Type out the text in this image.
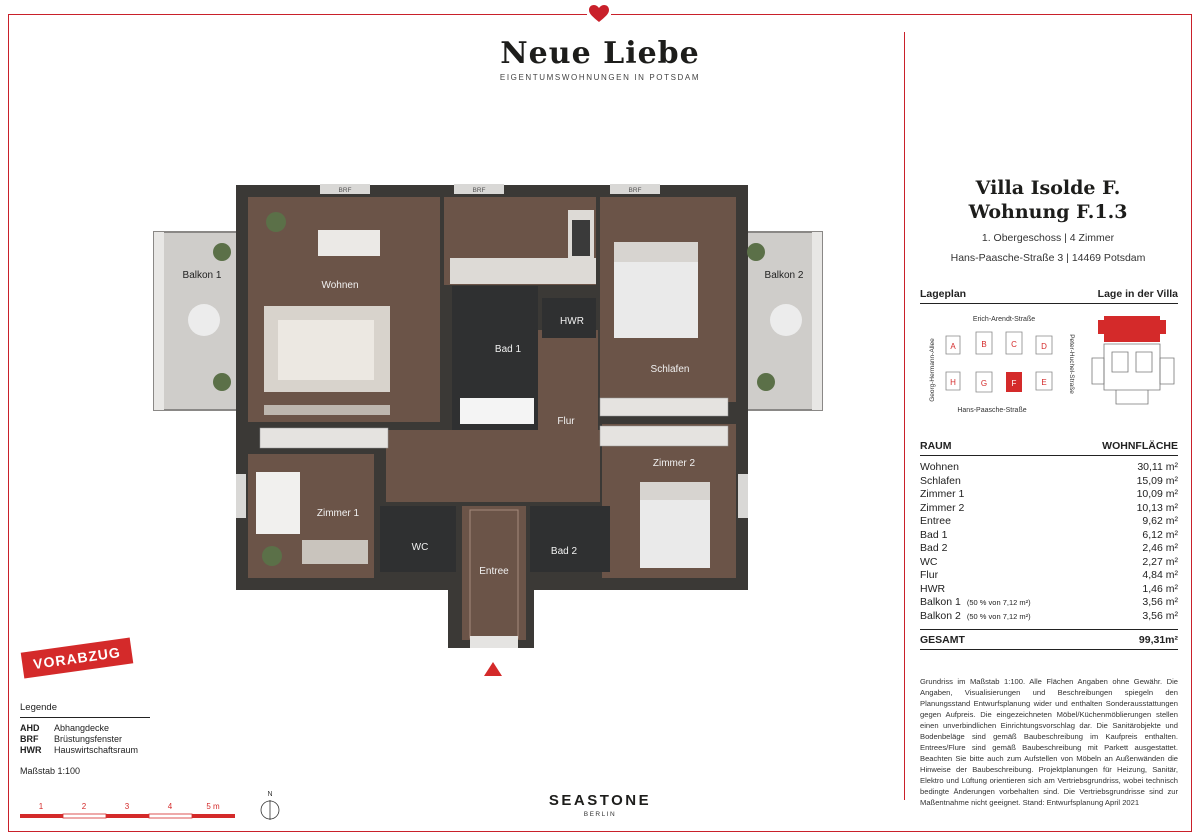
Neue Liebe

EIGENTUMSWOHNUNGEN IN POTSDAM

BRF	BRF	BRF
Wohnen
Schlafen
Zimmer 1
Zimmer 2
Bad 1
Bad 2
WC
HWR
Flur
Entree
Balkon 1	Balkon 2
Villa Isolde F.
Wohnung F.1.3
1. Obergeschoss | 4 Zimmer
Hans-Paasche-Straße 3 | 14469 Potsdam
Lageplan	Lage in der Villa
Erich-Arendt-Straße
Hans-Paasche-Straße
Georg-Hermann-Allee	Peter-Huchel-Straße
A	B	C	D
H	G	F	E
RAUM	WOHNFLÄCHE
Wohnen	30,11 m²
Schlafen	15,09 m²
Zimmer 1	10,09 m²
Zimmer 2	10,13 m²
Entree	9,62 m²
Bad 1	6,12 m²
Bad 2	2,46 m²
WC	2,27 m²
Flur	4,84 m²
HWR	1,46 m²
Balkon 1 (50 % von 7,12 m²)	3,56 m²
Balkon 2 (50 % von 7,12 m²)	3,56 m²
GESAMT	99,31m²
Grundriss im Maßstab 1:100. Alle Flächen Angaben ohne Gewähr. Die Angaben, Visualisierungen und Beschreibungen spiegeln den Planungsstand Entwurfsplanung wider und enthalten Sonderausstattungen gegen Aufpreis. Die eingezeichneten Möbel/Küchenmöblierungen stellen einen unverbindlichen Einrichtungsvorschlag dar. Die Sanitärobjekte und Bodenbeläge sind gemäß Baubeschreibung im Kaufpreis enthalten. Entrees/Flure sind gemäß Baubeschreibung mit Parkett ausgestattet. Beachten Sie bitte auch zum Aufstellen von Möbeln an Außenwänden die Hinweise der Baubeschreibung. Projektplanungen für Heizung, Sanitär, Elektro und Lüftung orientieren sich am Vertriebsgrundriss, wobei technisch bedingte Änderungen vorbehalten sind. Die Vertriebsgrundrisse sind zur Maßentnahme nicht geeignet. Stand: Entwurfsplanung April 2021
VORABZUG
Legende
AHD	Abhangdecke
BRF	Brüstungsfenster
HWR	Hauswirtschaftsraum
Maßstab 1:100
1	2	3	4	5 m
N	SEASTONE
BERLIN
